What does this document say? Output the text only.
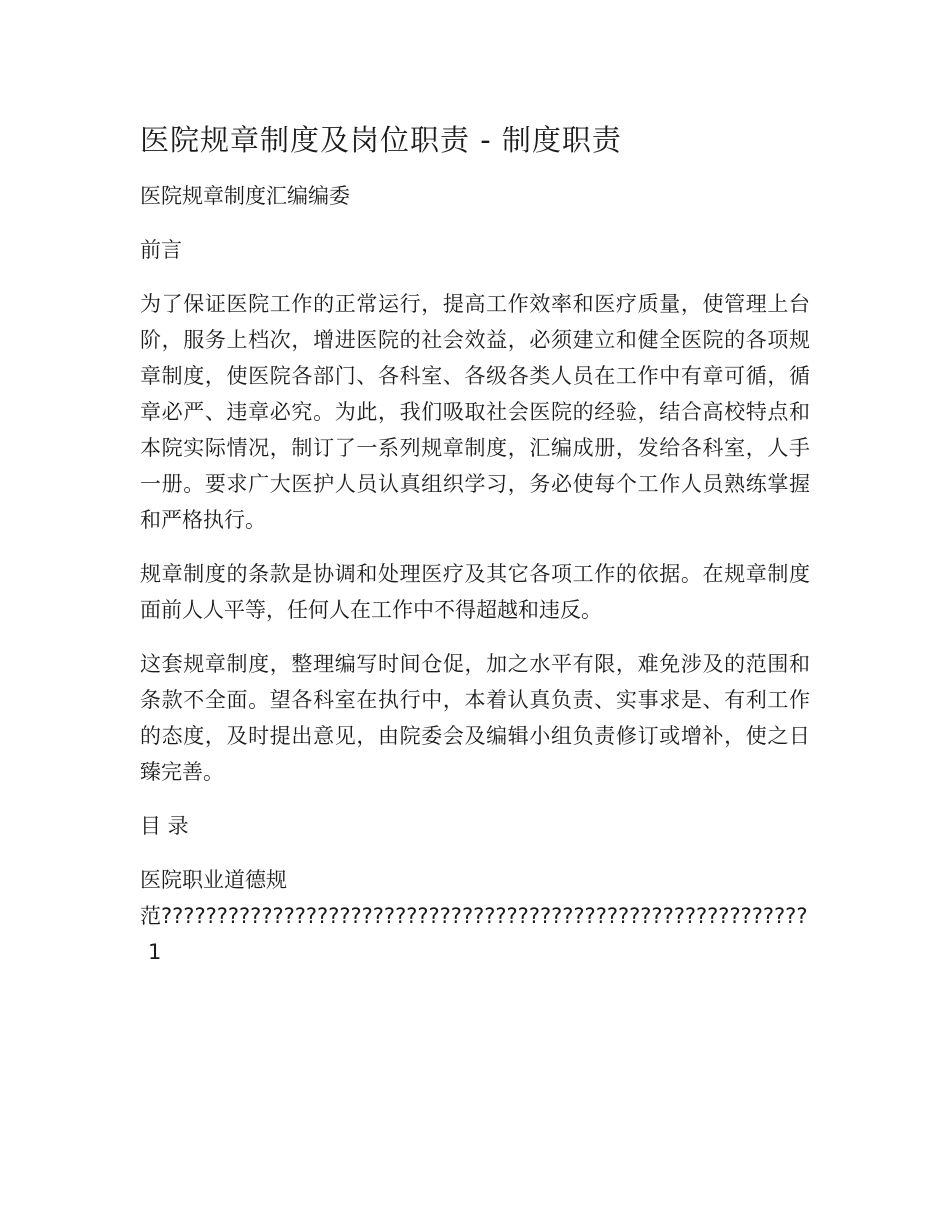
医院规章制度及岗位职责 - 制度职责

医院规章制度汇编编委

前言

为了保证医院工作的正常运行，提高工作效率和医疗质量，使管理上台阶，服务上档次，增进医院的社会效益，必须建立和健全医院的各项规章制度，使医院各部门、各科室、各级各类人员在工作中有章可循，循章必严、违章必究。为此，我们吸取社会医院的经验，结合高校特点和本院实际情况，制订了一系列规章制度，汇编成册，发给各科室，人手一册。要求广大医护人员认真组织学习，务必使每个工作人员熟练掌握和严格执行。

规章制度的条款是协调和处理医疗及其它各项工作的依据。在规章制度面前人人平等，任何人在工作中不得超越和违反。

这套规章制度，整理编写时间仓促，加之水平有限，难免涉及的范围和条款不全面。望各科室在执行中，本着认真负责、实事求是、有利工作的态度，及时提出意见，由院委会及编辑小组负责修订或增补，使之日臻完善。

目 录

医院职业道德规范??????????????????????????????????????????????????????????1
